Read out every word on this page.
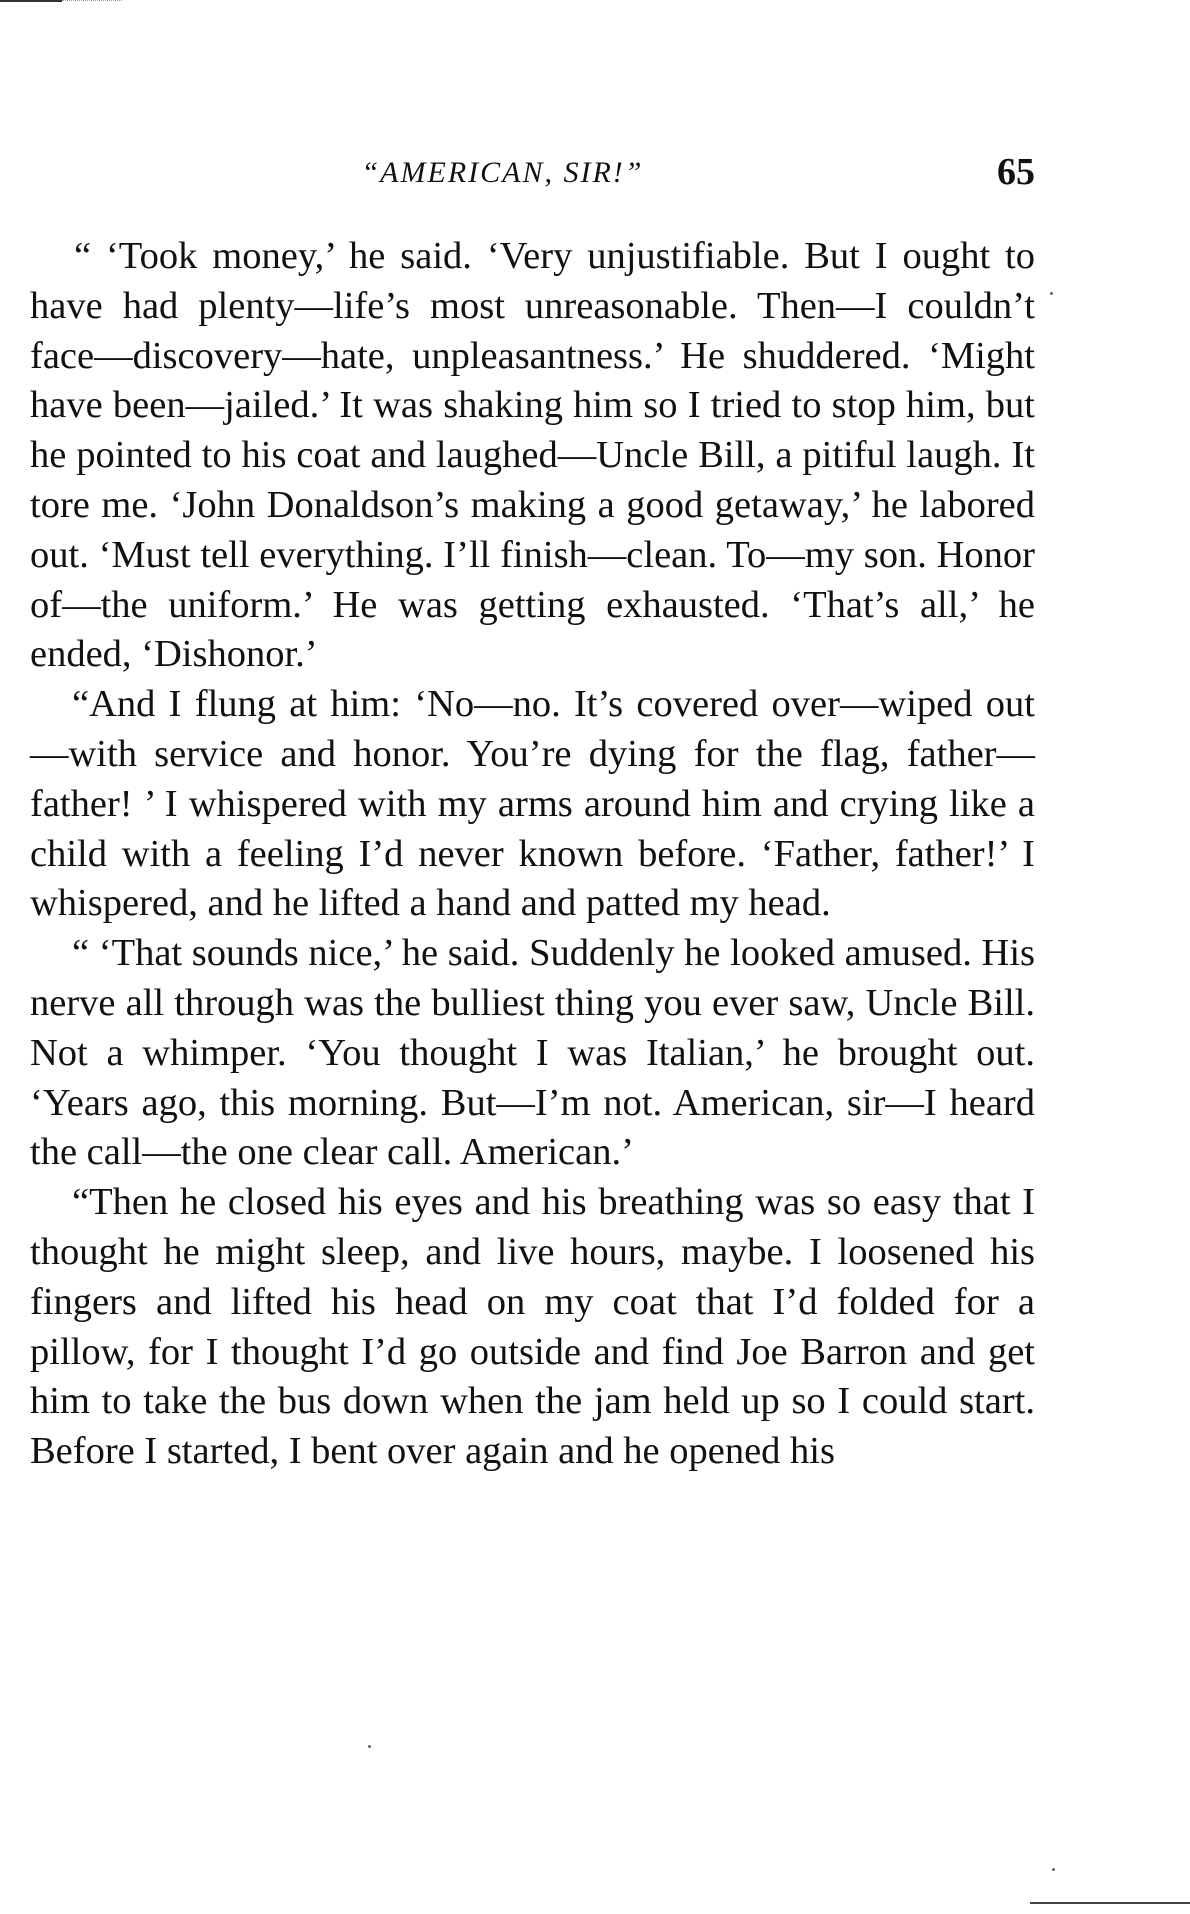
“AMERICAN, SIR!”	65

“ ‘Took money,’ he said. ‘Very unjustifiable. But I ought to have had plenty—life’s most unreasonable. Then—I couldn’t face—discovery—hate, unpleasantness.’ He shuddered. ‘Might have been—jailed.’ It was shaking him so I tried to stop him, but he pointed to his coat and laughed—Uncle Bill, a pitiful laugh. It tore me. ‘John Donaldson’s making a good getaway,’ he labored out. ‘Must tell everything. I’ll finish—clean. To—my son. Honor of—the uniform.’ He was getting exhausted. ‘That’s all,’ he ended, ‘Dishonor.’

“And I flung at him: ‘No—no. It’s covered over—wiped out—with service and honor. You’re dying for the flag, father—father! ’ I whispered with my arms around him and crying like a child with a feeling I’d never known before. ‘Father, father!’ I whispered, and he lifted a hand and patted my head.

“ ‘That sounds nice,’ he said. Suddenly he looked amused. His nerve all through was the bulliest thing you ever saw, Uncle Bill. Not a whimper. ‘You thought I was Italian,’ he brought out. ‘Years ago, this morning. But—I’m not. American, sir—I heard the call—the one clear call. American.’

“Then he closed his eyes and his breathing was so easy that I thought he might sleep, and live hours, maybe. I loosened his fingers and lifted his head on my coat that I’d folded for a pillow, for I thought I’d go outside and find Joe Barron and get him to take the bus down when the jam held up so I could start. Before I started, I bent over again and he opened his
